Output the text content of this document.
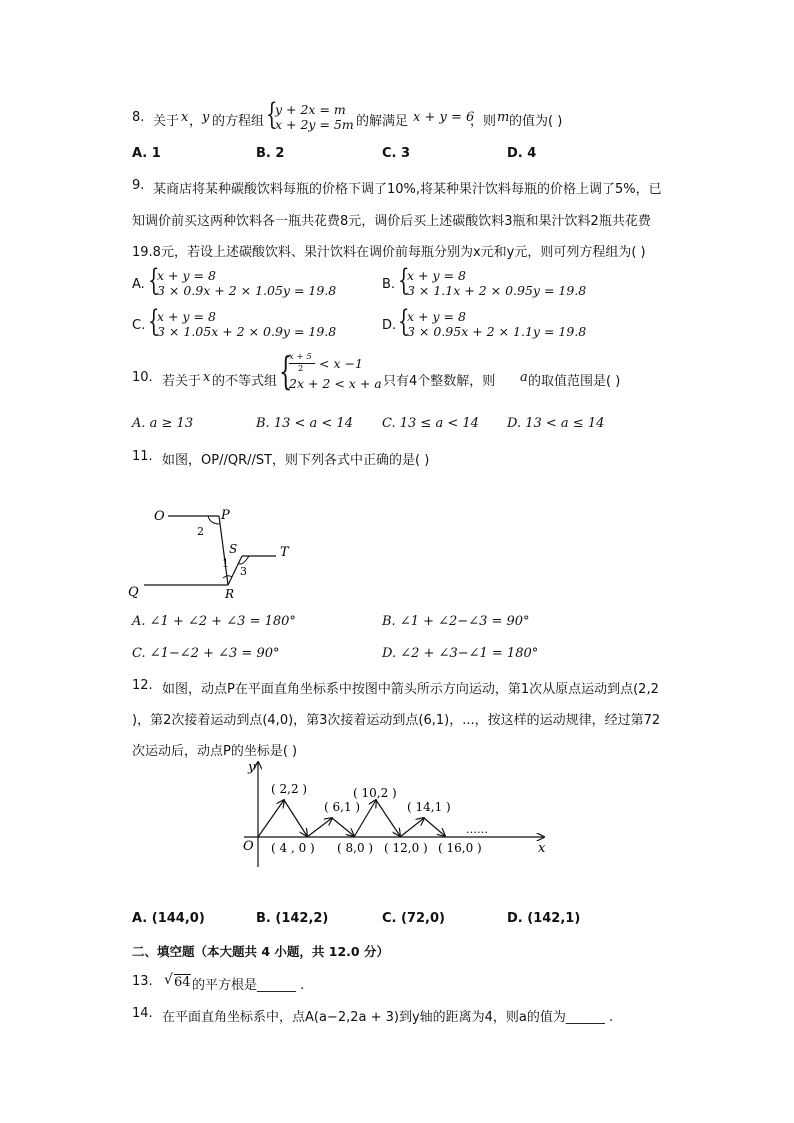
8. 关于 x ， y 的方程组 {
y + 2x = m
x + 2y = 5m 的解满足 x + y = 6
，则 m 的值为( )
A. 1	B. 2	C. 3	D. 4
9. 某商店将某种碳酸饮料每瓶的价格下调了10%,将某种果汁饮料每瓶的价格上调了5%，已
知调价前买这两种饮料各一瓶共花费8元，调价后买上述碳酸饮料3瓶和果汁饮料2瓶共花费
19.8元，若设上述碳酸饮料、果汁饮料在调价前每瓶分别为x元和y元，则可列方程组为( )
A. {
x + y = 8
3 × 0.9x + 2 × 1.05y = 19.8	B. {
x + y = 8
3 × 1.1x + 2 × 0.95y = 19.8
C. {
x + y = 8
3 × 1.05x + 2 × 0.9y = 19.8	D. {
x + y = 8
3 × 0.95x + 2 × 1.1y = 19.8
10. 若关于 x 的不等式组 {
x + 5
2 < x −1
2x + 2 < x + a 只有4个整数解，则 a 的取值范围是( )
A. a ≥ 13	B. 13 < a < 14 C. 13 ≤ a < 14 D. 13 < a ≤ 14
11. 如图，OP//QR//ST，则下列各式中正确的是( )
O	P
Q	R
S	T
2
1
3
A. ∠1 + ∠2 + ∠3 = 180°	B. ∠1 + ∠2−∠3 = 90°
C. ∠1−∠2 + ∠3 = 90°	D. ∠2 + ∠3−∠1 = 180°
12. 如图，动点P在平面直角坐标系中按图中箭头所示方向运动，第1次从原点运动到点(2,2
)，第2次接着运动到点(4,0)，第3次接着运动到点(6,1)，...，按这样的运动规律，经过第72
次运动后，动点P的坐标是( )
y
x
O
( 2,2 )
( 6,1 )
( 10,2 )
( 14,1 )
……
( 4 , 0 ) ( 8,0 ) ( 12,0 ) ( 16,0 )
A. (144,0)	B. (142,2)	C. (72,0)	D. (142,1)
二、填空题（本大题共 4 小题，共 12.0 分）
13. √ 64 的平方根是______ .
14. 在平面直角坐标系中，点A(a−2,2a + 3)到y轴的距离为4，则a的值为______ .
